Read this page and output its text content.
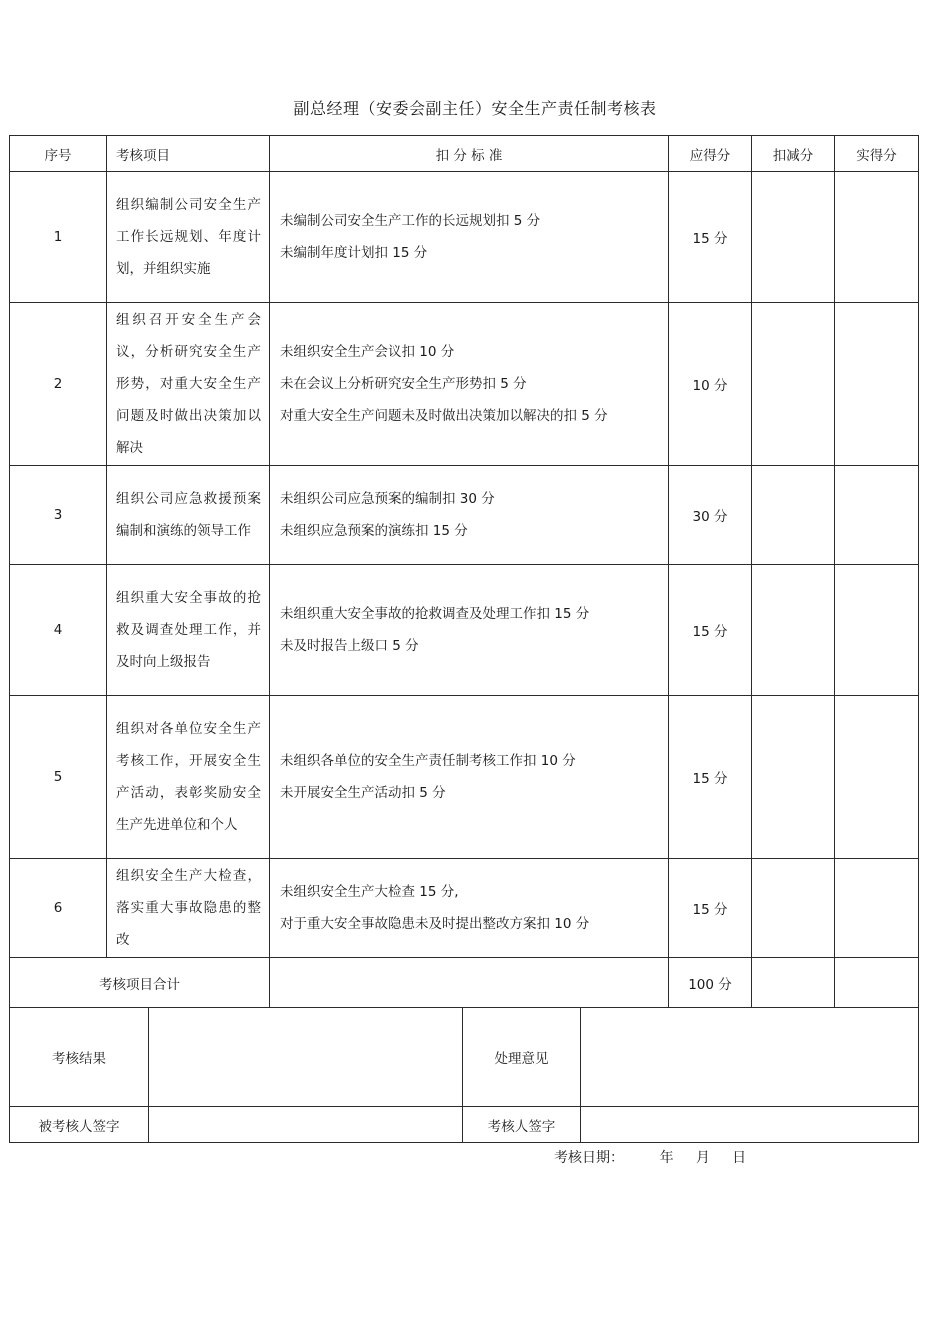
副总经理（安委会副主任）安全生产责任制考核表
序号	考核项目	扣 分 标 准	应得分	扣减分	实得分
1	组织编制公司安全生产工作长远规划、年度计划，并组织实施	未编制公司安全生产工作的长远规划扣 5 分
未编制年度计划扣 15 分	15 分		
2	组织召开安全生产会议，分析研究安全生产形势，对重大安全生产问题及时做出决策加以解决	未组织安全生产会议扣 10 分
未在会议上分析研究安全生产形势扣 5 分
对重大安全生产问题未及时做出决策加以解决的扣 5 分	10 分		
3	组织公司应急救援预案编制和演练的领导工作	未组织公司应急预案的编制扣 30 分
未组织应急预案的演练扣 15 分	30 分		
4	组织重大安全事故的抢救及调查处理工作，并及时向上级报告	未组织重大安全事故的抢救调查及处理工作扣 15 分
未及时报告上级口 5 分	15 分		
5	组织对各单位安全生产考核工作，开展安全生产活动，表彰奖励安全生产先进单位和个人	未组织各单位的安全生产责任制考核工作扣 10 分
未开展安全生产活动扣 5 分	15 分		
6	组织安全生产大检查，落实重大事故隐患的整改	未组织安全生产大检查 15 分,
对于重大安全事故隐患未及时提出整改方案扣 10 分	15 分		
考核项目合计			100 分		
考核结果		处理意见	
被考核人签字		考核人签字	
考核日期：	年 月 日
